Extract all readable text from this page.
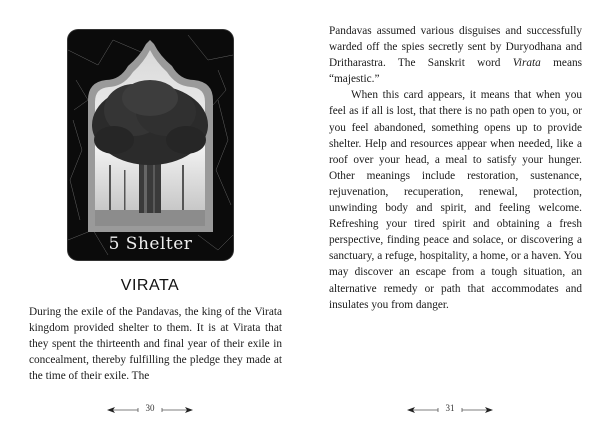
5 Shelter
VIRATA

During the exile of the Pandavas, the king of the Virata kingdom provided shelter to them. It is at Virata that they spent the thirteenth and final year of their exile in concealment, thereby fulfilling the pledge they made at the time of their exile. The

30

Pandavas assumed various disguises and successfully warded off the spies secretly sent by Duryodhana and Dritharastra. The Sanskrit word Virata means “majestic.”

When this card appears, it means that when you feel as if all is lost, that there is no path open to you, or you feel abandoned, something opens up to provide shelter. Help and resources appear when needed, like a roof over your head, a meal to satisfy your hunger. Other meanings include restoration, sustenance, rejuvenation, recuperation, renewal, protection, unwinding body and spirit, and feeling welcome. Refreshing your tired spirit and obtaining a fresh perspective, finding peace and solace, or discovering a sanctuary, a refuge, hospitality, a home, or a haven. You may discover an escape from a tough situation, an alternative remedy or path that accommodates and insulates you from danger.

31
